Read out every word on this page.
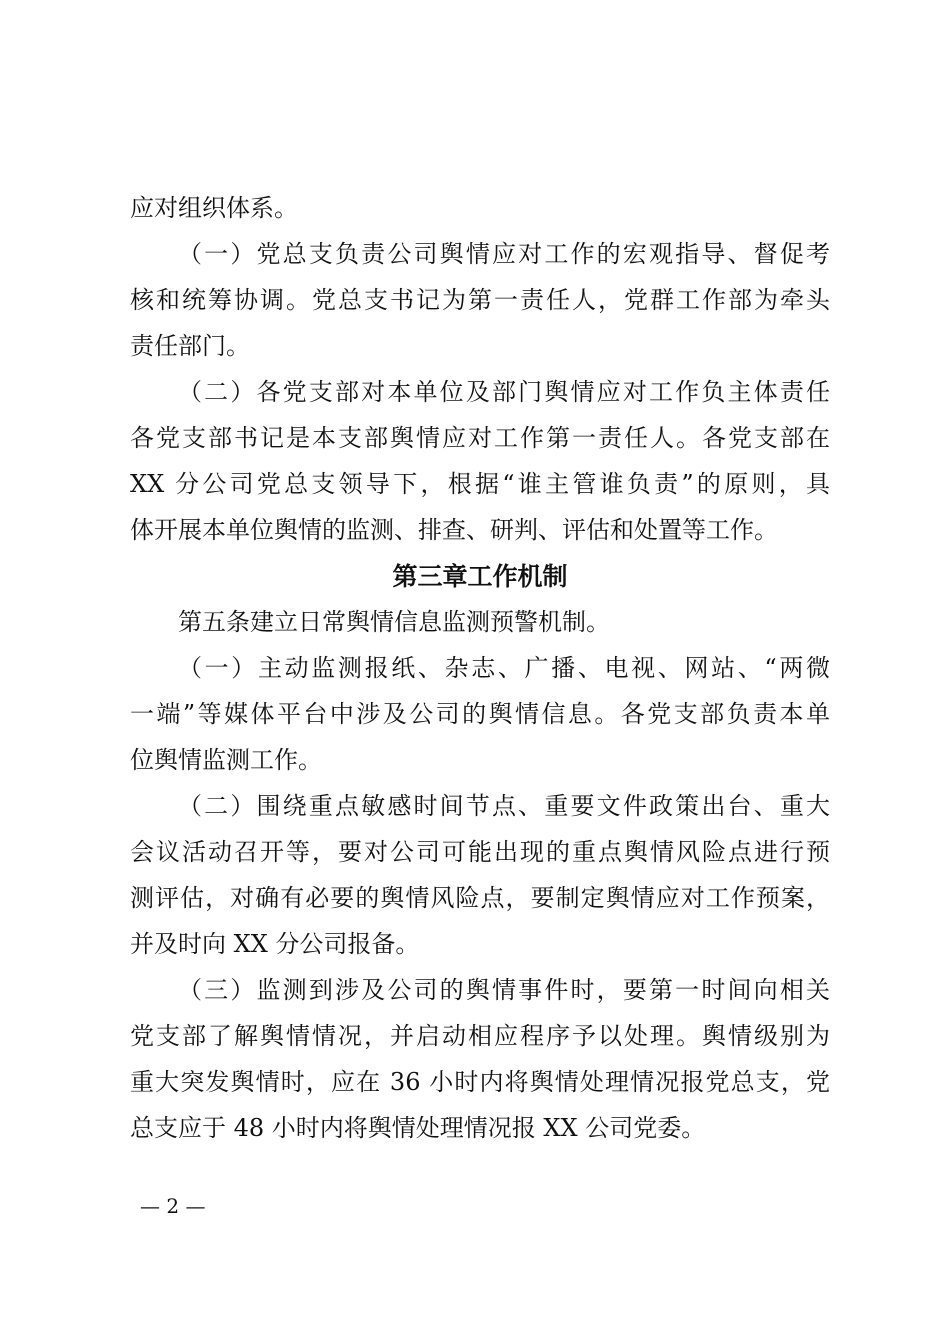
应对组织体系。
（一）党总支负责公司舆情应对工作的宏观指导、督促考
核和统筹协调。党总支书记为第一责任人，党群工作部为牵头
责任部门。
（二）各党支部对本单位及部门舆情应对工作负主体责任
各党支部书记是本支部舆情应对工作第一责任人。各党支部在
XX 分公司党总支领导下，根据“谁主管谁负责”的原则，具
体开展本单位舆情的监测、排查、研判、评估和处置等工作。
第三章工作机制
第五条建立日常舆情信息监测预警机制。
（一）主动监测报纸、杂志、广播、电视、网站、“两微
一端”等媒体平台中涉及公司的舆情信息。各党支部负责本单
位舆情监测工作。
（二）围绕重点敏感时间节点、重要文件政策出台、重大
会议活动召开等，要对公司可能出现的重点舆情风险点进行预
测评估，对确有必要的舆情风险点，要制定舆情应对工作预案，
并及时向 XX 分公司报备。
（三）监测到涉及公司的舆情事件时，要第一时间向相关
党支部了解舆情情况，并启动相应程序予以处理。舆情级别为
重大突发舆情时，应在 36 小时内将舆情处理情况报党总支，党
总支应于 48 小时内将舆情处理情况报 XX 公司党委。
— 2 —
